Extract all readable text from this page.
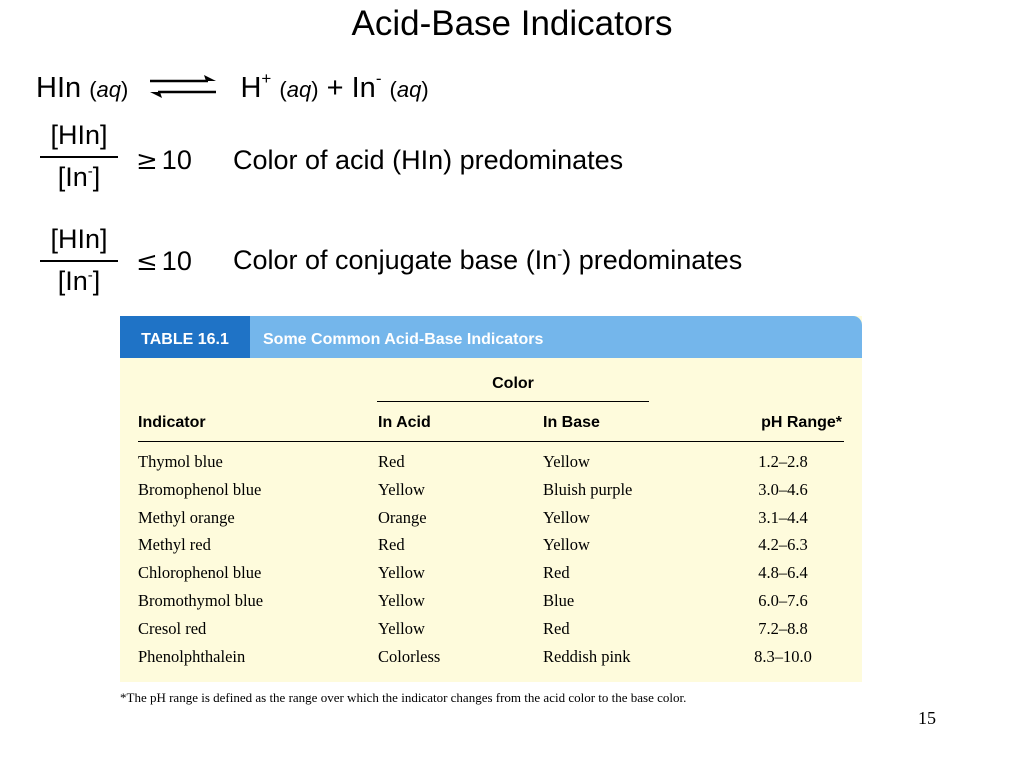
Acid-Base Indicators
HIn (aq) ⇌ H+ (aq) + In- (aq)
[HIn]
[In-]
≥ 10 Color of acid (HIn) predominates
[HIn]
[In-]
≤ 10 Color of conjugate base (In-) predominates
TABLE 16.1	Some Common Acid-Base Indicators
Color
Indicator	In Acid	In Base	pH Range*
Thymol blue	Red	Yellow	1.2–2.8
Bromophenol blue	Yellow	Bluish purple	3.0–4.6
Methyl orange	Orange	Yellow	3.1–4.4
Methyl red	Red	Yellow	4.2–6.3
Chlorophenol blue	Yellow	Red	4.8–6.4
Bromothymol blue	Yellow	Blue	6.0–7.6
Cresol red	Yellow	Red	7.2–8.8
Phenolphthalein	Colorless	Reddish pink	8.3–10.0
*The pH range is defined as the range over which the indicator changes from the acid color to the base color.
15
